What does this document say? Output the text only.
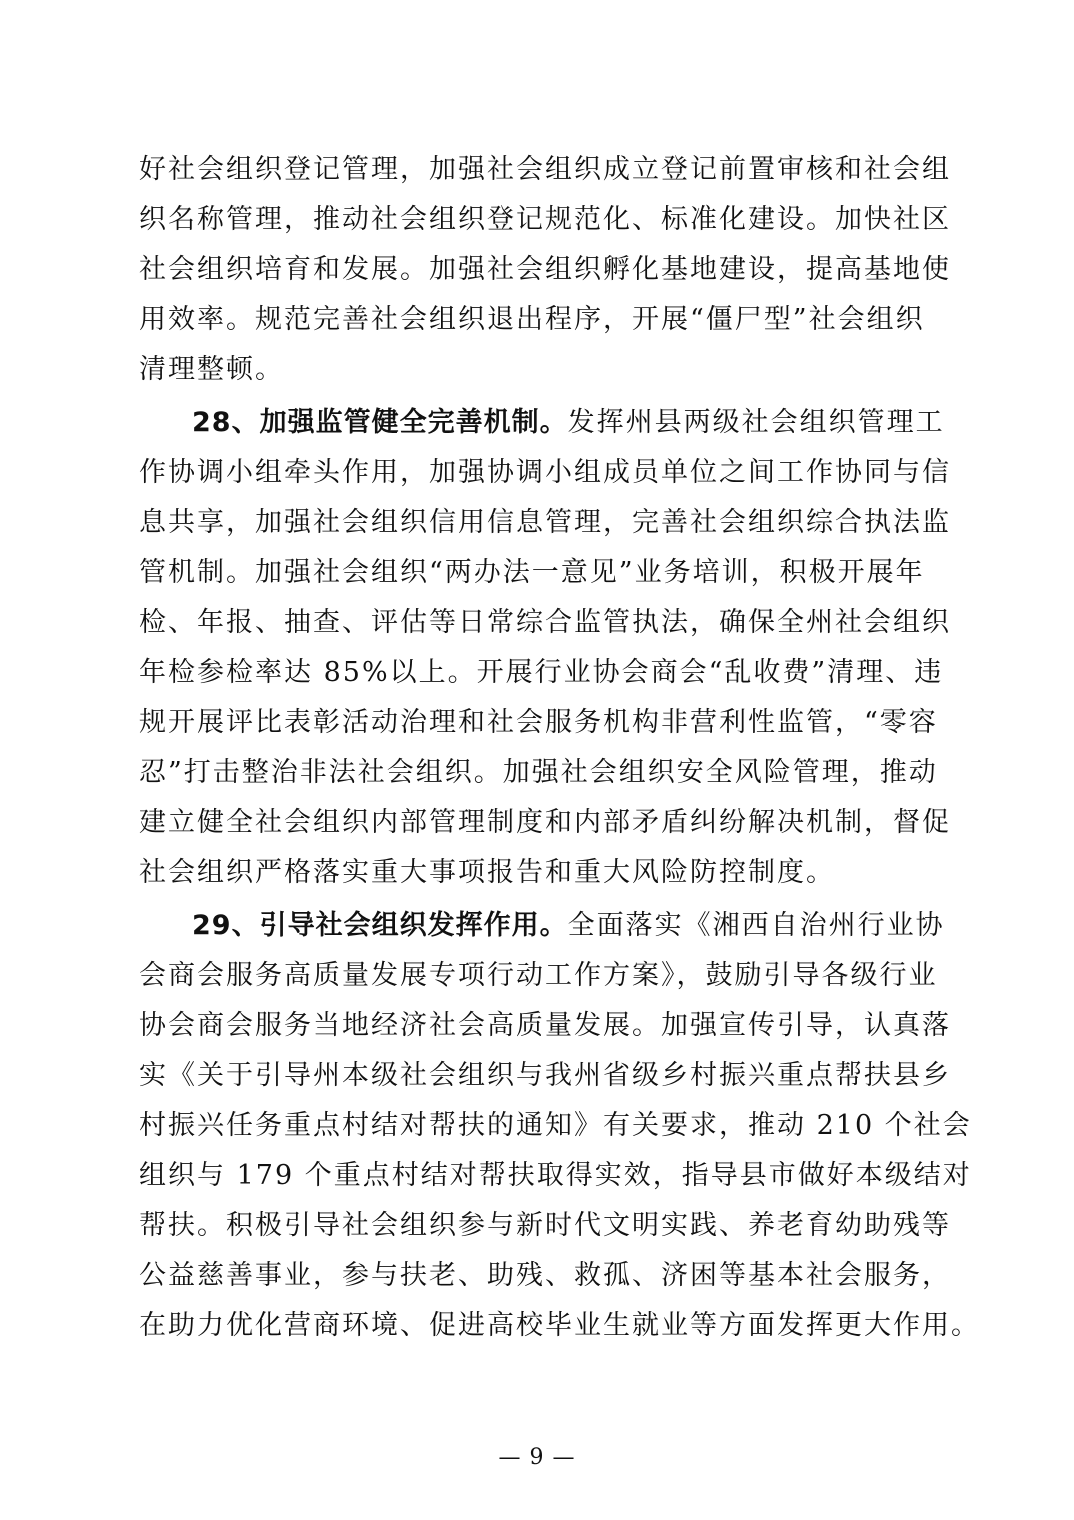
好社会组织登记管理，加强社会组织成立登记前置审核和社会组
织名称管理，推动社会组织登记规范化、标准化建设。加快社区
社会组织培育和发展。加强社会组织孵化基地建设，提高基地使
用效率。规范完善社会组织退出程序，开展“僵尸型”社会组织
清理整顿。
28、加强监管健全完善机制。发挥州县两级社会组织管理工
作协调小组牵头作用，加强协调小组成员单位之间工作协同与信
息共享，加强社会组织信用信息管理，完善社会组织综合执法监
管机制。加强社会组织“两办法一意见”业务培训，积极开展年
检、年报、抽查、评估等日常综合监管执法，确保全州社会组织
年检参检率达 85%以上。开展行业协会商会“乱收费”清理、违
规开展评比表彰活动治理和社会服务机构非营利性监管，“零容
忍”打击整治非法社会组织。加强社会组织安全风险管理，推动
建立健全社会组织内部管理制度和内部矛盾纠纷解决机制，督促
社会组织严格落实重大事项报告和重大风险防控制度。
29、引导社会组织发挥作用。全面落实《湘西自治州行业协
会商会服务高质量发展专项行动工作方案》，鼓励引导各级行业
协会商会服务当地经济社会高质量发展。加强宣传引导，认真落
实《关于引导州本级社会组织与我州省级乡村振兴重点帮扶县乡
村振兴任务重点村结对帮扶的通知》有关要求，推动 210 个社会
组织与 179 个重点村结对帮扶取得实效，指导县市做好本级结对
帮扶。积极引导社会组织参与新时代文明实践、养老育幼助残等
公益慈善事业，参与扶老、助残、救孤、济困等基本社会服务，
在助力优化营商环境、促进高校毕业生就业等方面发挥更大作用。
— 9 —
